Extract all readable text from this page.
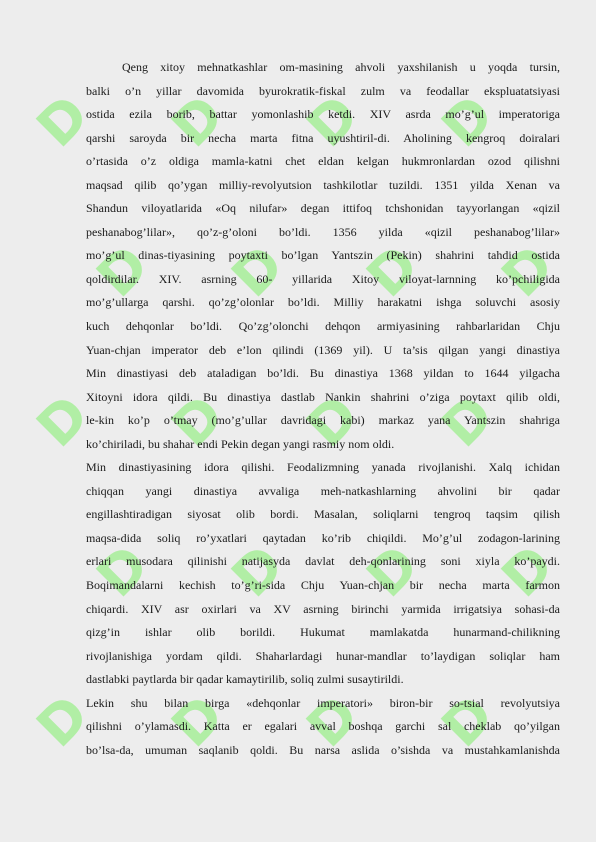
D D D D
D D D D
D D D D
D D D D
D D D D

Qeng xitoy mehnatkashlar om-masining ahvoli yaxshilanish u yoqda tursin,

balki o’n yillar davomida byurokratik-fiskal zulm va feodallar ekspluatatsiyasi

ostida ezila borib, battar yomonlashib ketdi. XIV asrda mo’g’ul imperatoriga

qarshi saroyda bir necha marta fitna uyushtiril-di. Aholining kengroq doiralari

o’rtasida o’z oldiga mamla-katni chet eldan kelgan hukmronlardan ozod qilishni

maqsad qilib qo’ygan milliy-revolyutsion tashkilotlar tuzildi. 1351 yilda Xenan va

Shandun viloyatlarida «Oq nilufar» degan ittifoq tchshonidan tayyorlangan «qizil

peshanabog’lilar», qo’z-g’oloni bo’ldi. 1356 yilda «qizil peshanabog’lilar»

mo’g’ul dinas-tiyasining poytaxti bo’lgan Yantszin (Pekin) shahrini tahdid ostida

qoldirdilar. XIV. asrning 60- yillarida Xitoy viloyat-larnning ko’pchiligida

mo’g’ullarga qarshi. qo’zg’olonlar bo’ldi. Milliy harakatni ishga soluvchi asosiy

kuch dehqonlar bo’ldi. Qo’zg’olonchi dehqon armiyasining rahbarlaridan Chju

Yuan-chjan imperator deb e’lon qilindi (1369 yil). U ta’sis qilgan yangi dinastiya

Min dinastiyasi deb ataladigan bo’ldi. Bu dinastiya 1368 yildan to 1644 yilgacha

Xitoyni idora qildi. Bu dinastiya dastlab Nankin shahrini o’ziga poytaxt qilib oldi,

le-kin ko’p o’tmay (mo’g’ullar davridagi kabi) markaz yana Yantszin shahriga

ko’chiriladi, bu shahar endi Pekin degan yangi rasmiy nom oldi.

Min dinastiyasining idora qilishi. Feodalizmning yanada rivojlanishi. Xalq ichidan

chiqqan yangi dinastiya avvaliga meh-natkashlarning ahvolini bir qadar

engillashtiradigan siyosat olib bordi. Masalan, soliqlarni tengroq taqsim qilish

maqsa-dida soliq ro’yxatlari qaytadan ko’rib chiqildi. Mo’g’ul zodagon-larining

erlari musodara qilinishi natijasyda davlat deh-qonlarining soni xiyla ko’paydi.

Boqimandalarni kechish to’g’ri-sida Chju Yuan-chjan bir necha marta farmon

chiqardi. XIV asr oxirlari va XV asrning birinchi yarmida irrigatsiya sohasi-da

qizg’in ishlar olib borildi. Hukumat mamlakatda hunarmand-chilikning

rivojlanishiga yordam qildi. Shaharlardagi hunar-mandlar to’laydigan soliqlar ham

dastlabki paytlarda bir qadar kamaytirilib, soliq zulmi susaytirildi.

Lekin shu bilan birga «dehqonlar imperatori» biron-bir so-tsial revolyutsiya

qilishni o’ylamasdi. Katta er egalari avval boshqa garchi sal cheklab qo’yilgan

bo’lsa-da, umuman saqlanib qoldi. Bu narsa aslida o’sishda va mustahkamlanishda
